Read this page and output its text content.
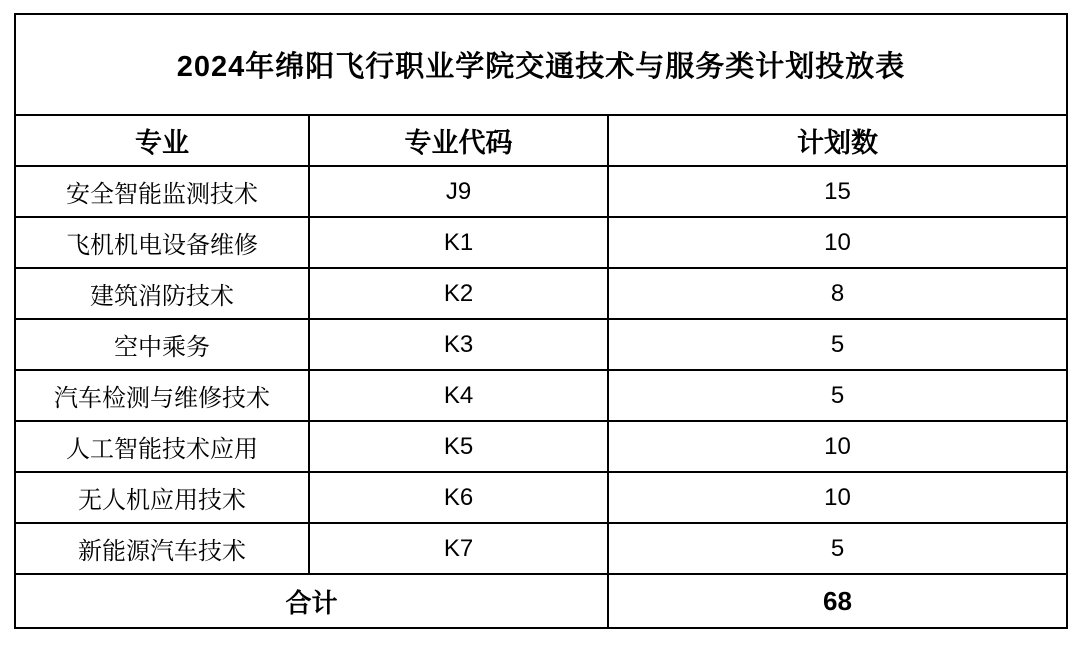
2024年绵阳飞行职业学院交通技术与服务类计划投放表		
专业	专业代码	计划数
安全智能监测技术	J9	15
飞机机电设备维修	K1	10
建筑消防技术	K2	8
空中乘务	K3	5
汽车检测与维修技术	K4	5
人工智能技术应用	K5	10
无人机应用技术	K6	10
新能源汽车技术	K7	5
合计		68
